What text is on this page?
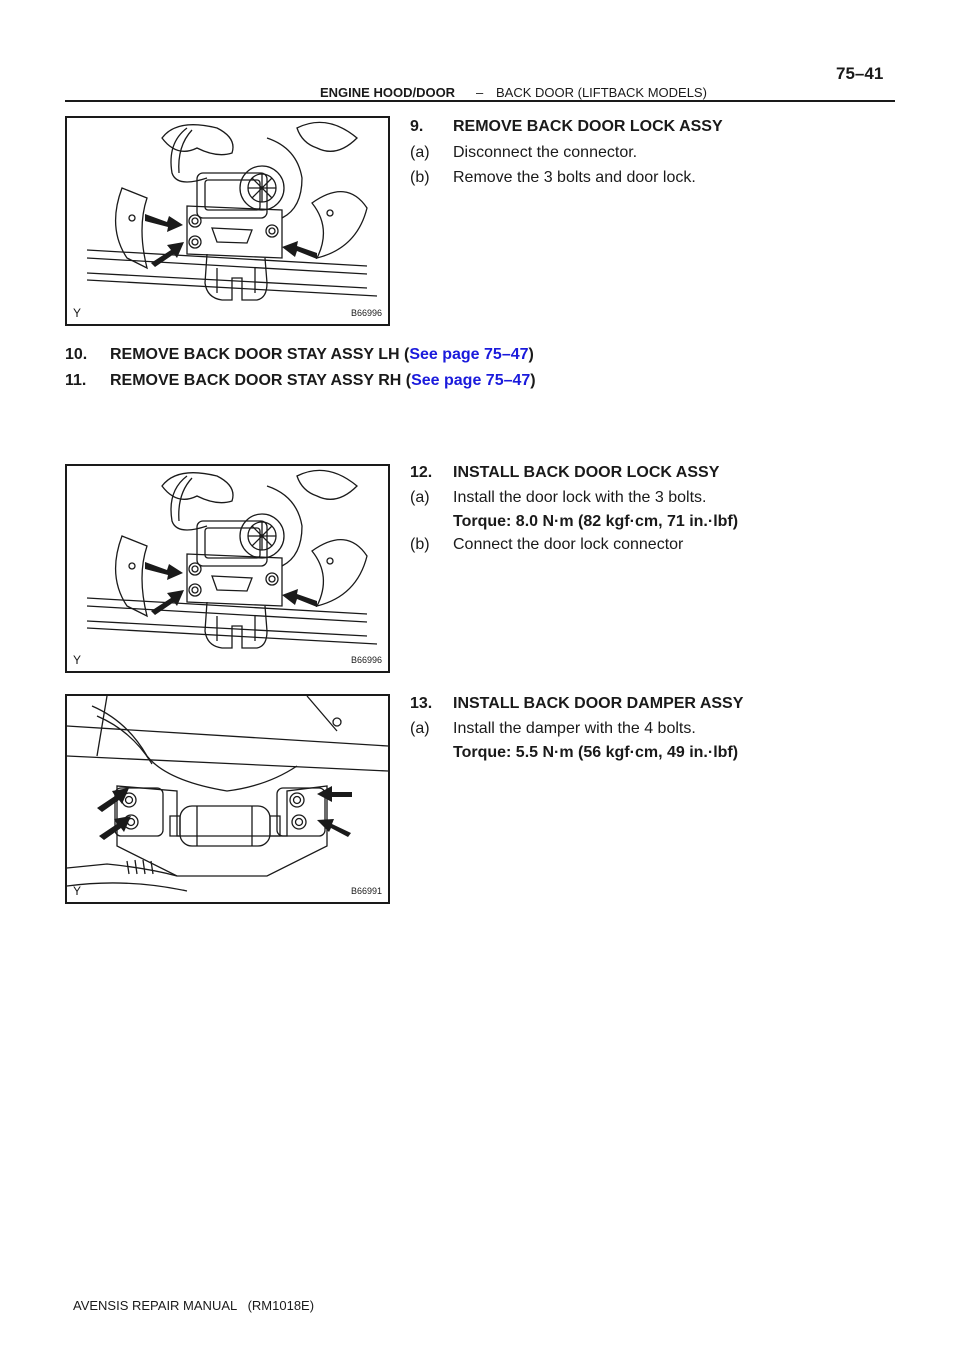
ENGINE HOOD/DOOR – BACK DOOR (LIFTBACK MODELS)
75–41
Y	B66996
9. REMOVE BACK DOOR LOCK ASSY
(a) Disconnect the connector.
(b) Remove the 3 bolts and door lock.
10. REMOVE BACK DOOR STAY ASSY LH (See page 75–47)
11. REMOVE BACK DOOR STAY ASSY RH (See page 75–47)
Y	B66996
12. INSTALL BACK DOOR LOCK ASSY
(a) Install the door lock with the 3 bolts.
Torque: 8.0 N·m (82 kgf·cm, 71 in.·lbf)
(b) Connect the door lock connector
Y	B66991
13. INSTALL BACK DOOR DAMPER ASSY
(a) Install the damper with the 4 bolts.
Torque: 5.5 N·m (56 kgf·cm, 49 in.·lbf)
AVENSIS REPAIR MANUAL   (RM1018E)
